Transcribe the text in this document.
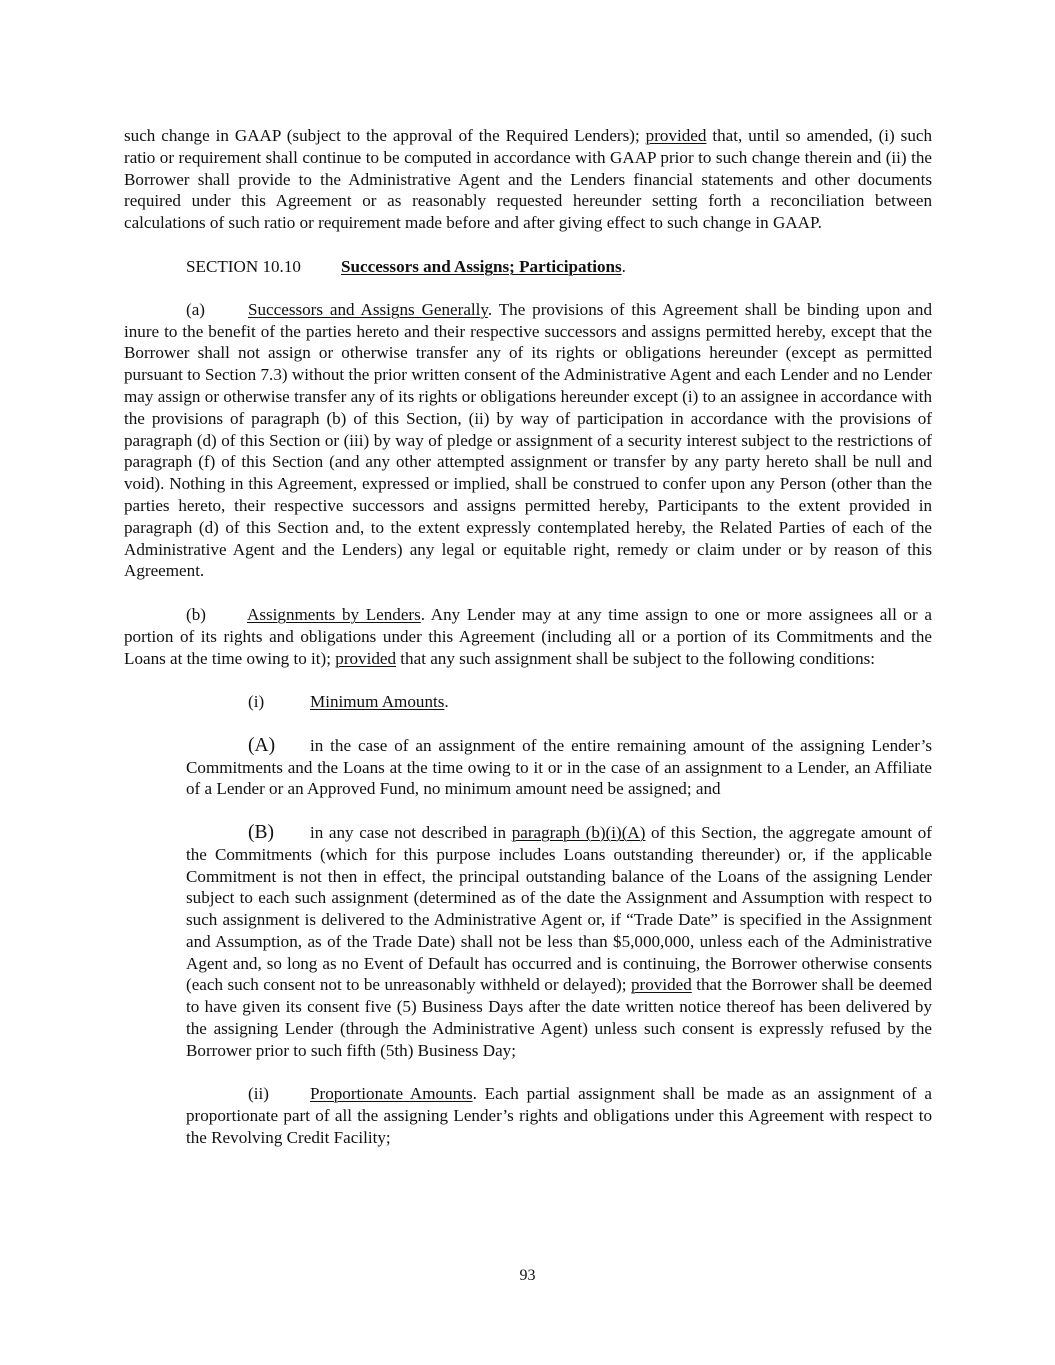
such change in GAAP (subject to the approval of the Required Lenders); provided that, until so amended, (i) such ratio or requirement shall continue to be computed in accordance with GAAP prior to such change therein and (ii) the Borrower shall provide to the Administrative Agent and the Lenders financial statements and other documents required under this Agreement or as reasonably requested hereunder setting forth a reconciliation between calculations of such ratio or requirement made before and after giving effect to such change in GAAP.

SECTION 10.10 Successors and Assigns; Participations.

(a)	Successors and Assigns Generally. The provisions of this Agreement shall be binding upon and inure to the benefit of the parties hereto and their respective successors and assigns permitted hereby, except that the Borrower shall not assign or otherwise transfer any of its rights or obligations hereunder (except as permitted pursuant to Section 7.3) without the prior written consent of the Administrative Agent and each Lender and no Lender may assign or otherwise transfer any of its rights or obligations hereunder except (i) to an assignee in accordance with the provisions of paragraph (b) of this Section, (ii) by way of participation in accordance with the provisions of paragraph (d) of this Section or (iii) by way of pledge or assignment of a security interest subject to the restrictions of paragraph (f) of this Section (and any other attempted assignment or transfer by any party hereto shall be null and void). Nothing in this Agreement, expressed or implied, shall be construed to confer upon any Person (other than the parties hereto, their respective successors and assigns permitted hereby, Participants to the extent provided in paragraph (d) of this Section and, to the extent expressly contemplated hereby, the Related Parties of each of the Administrative Agent and the Lenders) any legal or equitable right, remedy or claim under or by reason of this Agreement.

(b) Assignments by Lenders. Any Lender may at any time assign to one or more assignees all or a portion of its rights and obligations under this Agreement (including all or a portion of its Commitments and the Loans at the time owing to it); provided that any such assignment shall be subject to the following conditions:

(i)	Minimum Amounts.

(A) in the case of an assignment of the entire remaining amount of the assigning Lender’s Commitments and the Loans at the time owing to it or in the case of an assignment to a Lender, an Affiliate of a Lender or an Approved Fund, no minimum amount need be assigned; and

(B) in any case not described in paragraph (b)(i)(A) of this Section, the aggregate amount of the Commitments (which for this purpose includes Loans outstanding thereunder) or, if the applicable Commitment is not then in effect, the principal outstanding balance of the Loans of the assigning Lender subject to each such assignment (determined as of the date the Assignment and Assumption with respect to such assignment is delivered to the Administrative Agent or, if “Trade Date” is specified in the Assignment and Assumption, as of the Trade Date) shall not be less than $5,000,000, unless each of the Administrative Agent and, so long as no Event of Default has occurred and is continuing, the Borrower otherwise consents (each such consent not to be unreasonably withheld or delayed); provided that the Borrower shall be deemed to have given its consent five (5) Business Days after the date written notice thereof has been delivered by the assigning Lender (through the Administrative Agent) unless such consent is expressly refused by the Borrower prior to such fifth (5th) Business Day;

(ii) Proportionate Amounts. Each partial assignment shall be made as an assignment of a proportionate part of all the assigning Lender’s rights and obligations under this Agreement with respect to the Revolving Credit Facility;

93
